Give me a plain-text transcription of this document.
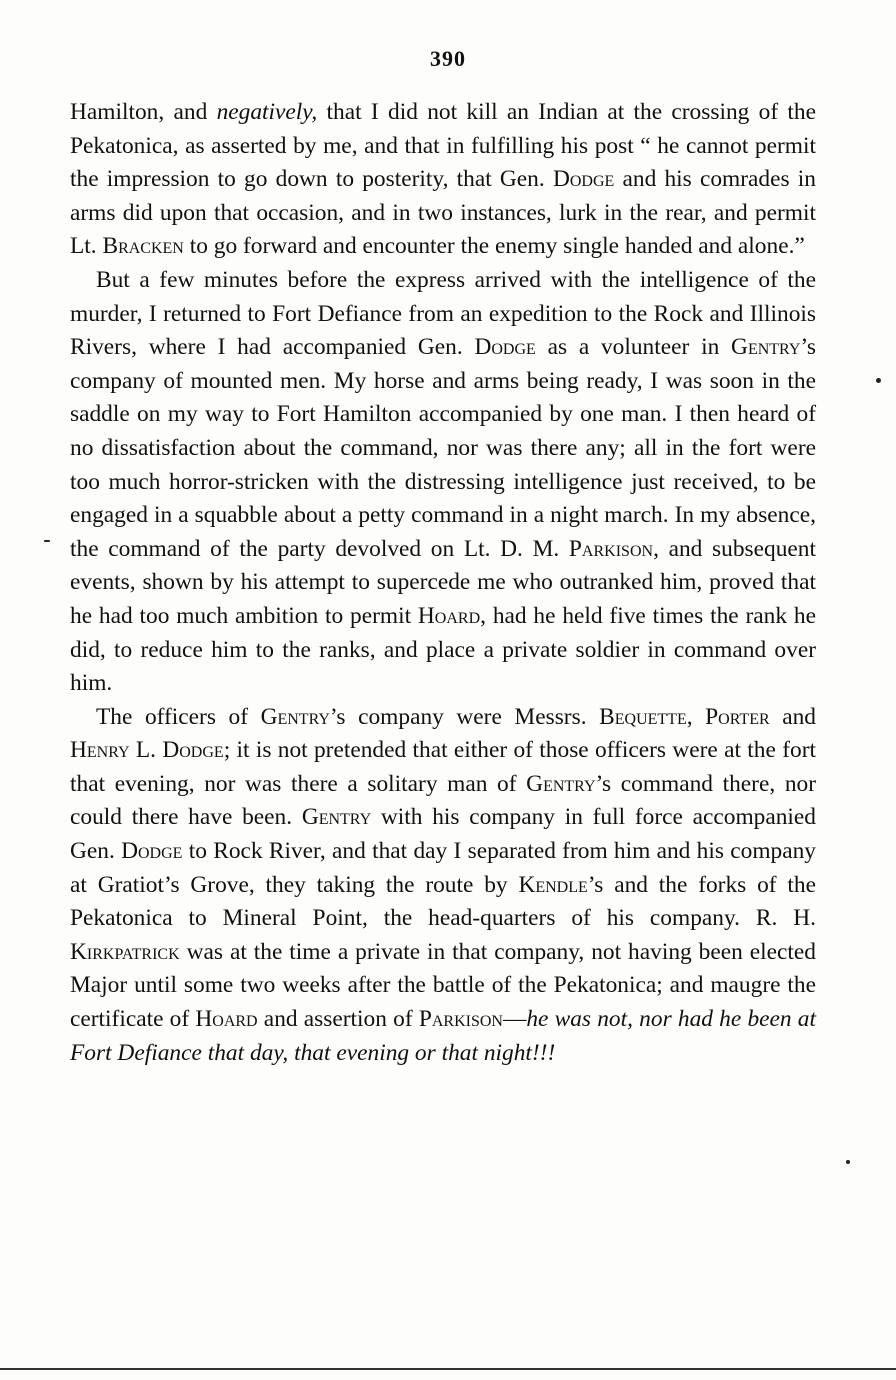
390

Hamilton, and negatively, that I did not kill an Indian at the crossing of the Pekatonica, as asserted by me, and that in fulfilling his post “ he cannot permit the impression to go down to posterity, that Gen. Dodge and his comrades in arms did upon that occasion, and in two instances, lurk in the rear, and permit Lt. Bracken to go forward and encounter the enemy single handed and alone.”

But a few minutes before the express arrived with the intelligence of the murder, I returned to Fort Defiance from an expedition to the Rock and Illinois Rivers, where I had accompanied Gen. Dodge as a volunteer in Gentry’s company of mounted men. My horse and arms being ready, I was soon in the saddle on my way to Fort Hamilton accompanied by one man. I then heard of no dissatisfaction about the command, nor was there any; all in the fort were too much horror-stricken with the distressing intelligence just received, to be engaged in a squabble about a petty command in a night march. In my absence, the command of the party devolved on Lt. D. M. Parkison, and subsequent events, shown by his attempt to supercede me who outranked him, proved that he had too much ambition to permit Hoard, had he held five times the rank he did, to reduce him to the ranks, and place a private soldier in command over him.

The officers of Gentry’s company were Messrs. Bequette, Porter and Henry L. Dodge; it is not pretended that either of those officers were at the fort that evening, nor was there a solitary man of Gentry’s command there, nor could there have been. Gentry with his company in full force accompanied Gen. Dodge to Rock River, and that day I separated from him and his company at Gratiot’s Grove, they taking the route by Kendle’s and the forks of the Pekatonica to Mineral Point, the head-quarters of his company. R. H. Kirkpatrick was at the time a private in that company, not having been elected Major until some two weeks after the battle of the Pekatonica; and maugre the certificate of Hoard and assertion of Parkison—he was not, nor had he been at Fort Defiance that day, that evening or that night!!!
